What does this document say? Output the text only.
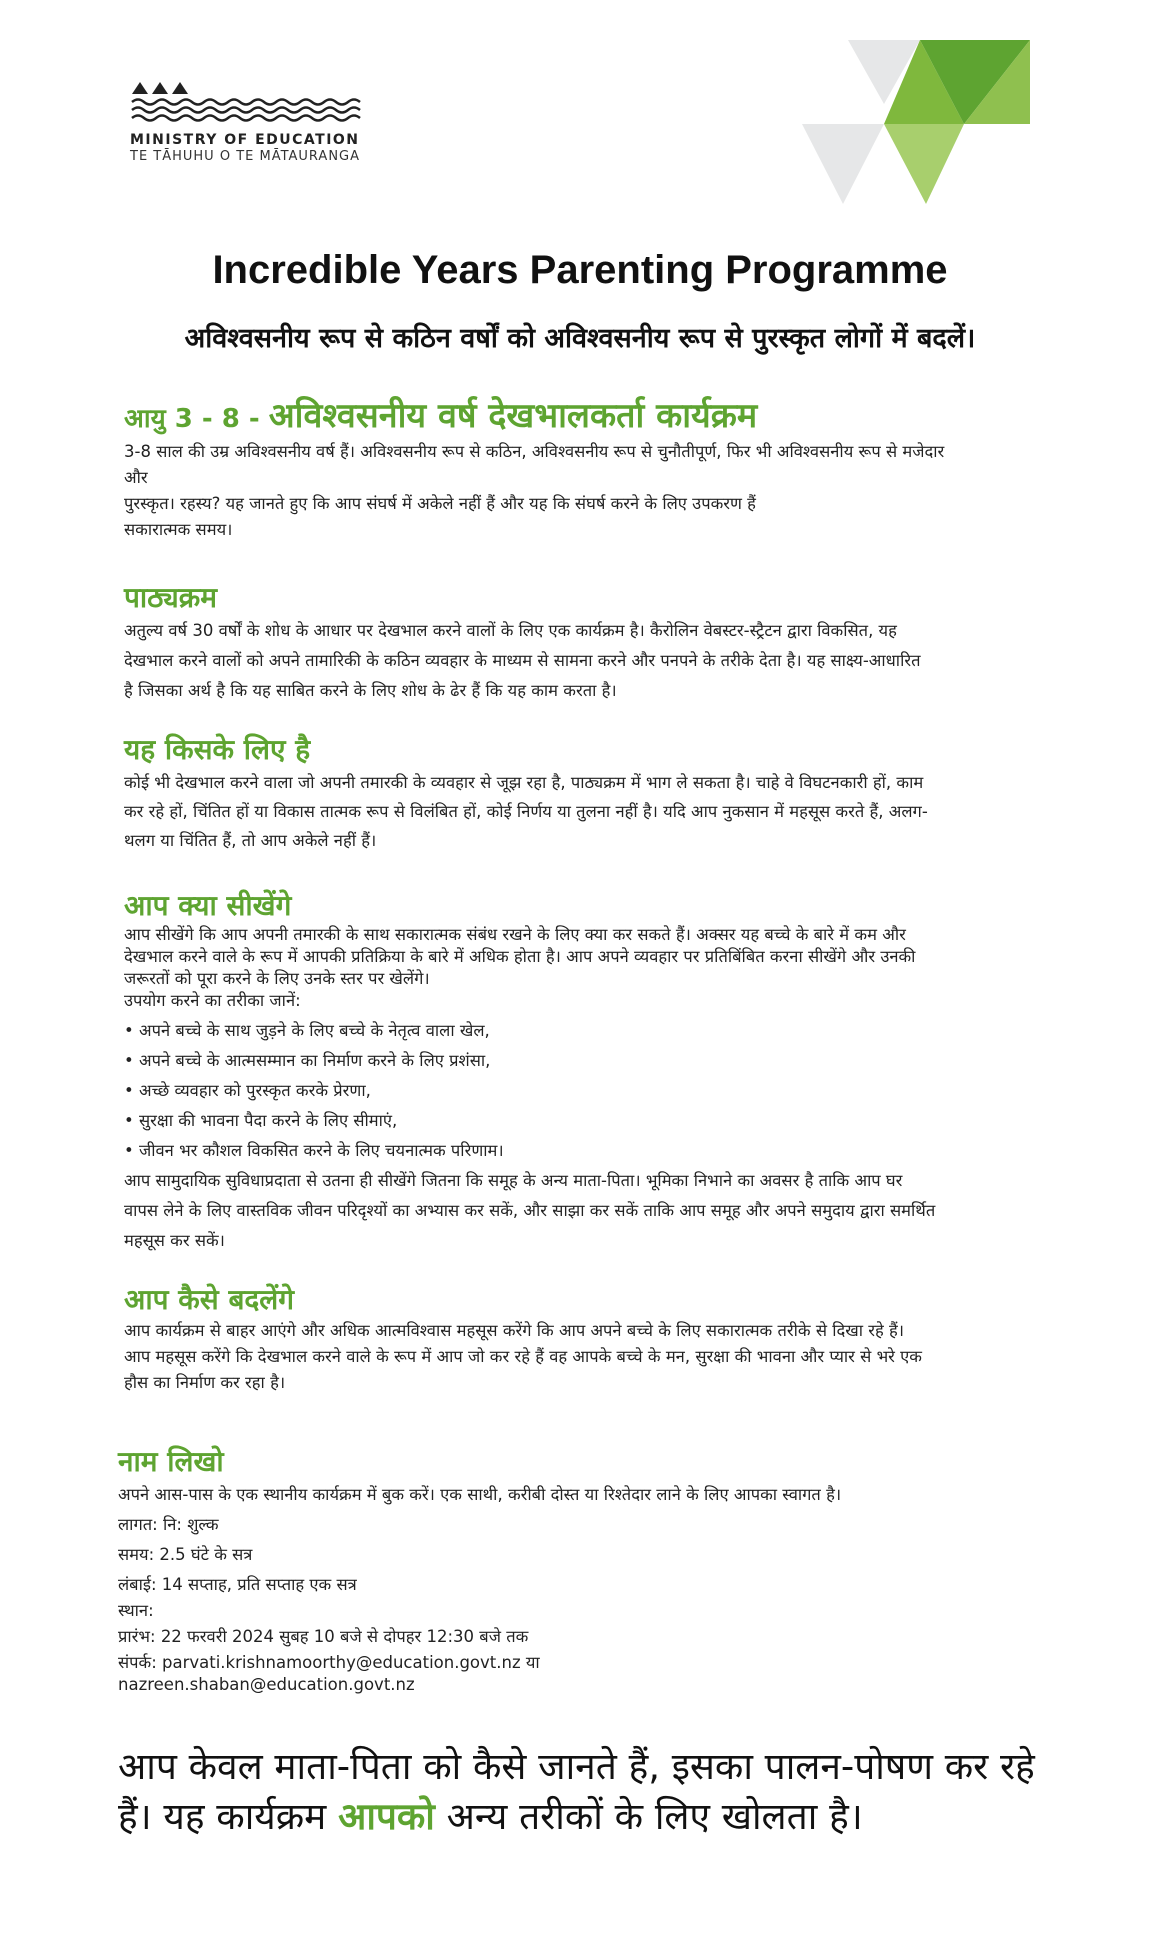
MINISTRY OF EDUCATION
TE TĀHUHU O TE MĀTAURANGA
Incredible Years Parenting Programme
अविश्वसनीय रूप से कठिन वर्षों को अविश्वसनीय रूप से पुरस्कृत लोगों में बदलें।
आयु 3 - 8 - अविश्वसनीय वर्ष देखभालकर्ता कार्यक्रम

3-8 साल की उम्र अविश्वसनीय वर्ष हैं। अविश्वसनीय रूप से कठिन, अविश्वसनीय रूप से चुनौतीपूर्ण, फिर भी अविश्वसनीय रूप से मजेदार

और

पुरस्कृत। रहस्य? यह जानते हुए कि आप संघर्ष में अकेले नहीं हैं और यह कि संघर्ष करने के लिए उपकरण हैं

सकारात्मक समय।

पाठ्यक्रम

अतुल्य वर्ष 30 वर्षों के शोध के आधार पर देखभाल करने वालों के लिए एक कार्यक्रम है। कैरोलिन वेबस्टर-स्ट्रैटन द्वारा विकसित, यह

देखभाल करने वालों को अपने तामारिकी के कठिन व्यवहार के माध्यम से सामना करने और पनपने के तरीके देता है। यह साक्ष्य-आधारित

है जिसका अर्थ है कि यह साबित करने के लिए शोध के ढेर हैं कि यह काम करता है।

यह किसके लिए है

कोई भी देखभाल करने वाला जो अपनी तमारकी के व्यवहार से जूझ रहा है, पाठ्यक्रम में भाग ले सकता है। चाहे वे विघटनकारी हों, काम

कर रहे हों, चिंतित हों या विकास तात्मक रूप से विलंबित हों, कोई निर्णय या तुलना नहीं है। यदि आप नुकसान में महसूस करते हैं, अलग-

थलग या चिंतित हैं, तो आप अकेले नहीं हैं।

आप क्या सीखेंगे

आप सीखेंगे कि आप अपनी तमारकी के साथ सकारात्मक संबंध रखने के लिए क्या कर सकते हैं। अक्सर यह बच्चे के बारे में कम और

देखभाल करने वाले के रूप में आपकी प्रतिक्रिया के बारे में अधिक होता है। आप अपने व्यवहार पर प्रतिबिंबित करना सीखेंगे और उनकी

जरूरतों को पूरा करने के लिए उनके स्तर पर खेलेंगे।

उपयोग करने का तरीका जानें:

• अपने बच्चे के साथ जुड़ने के लिए बच्चे के नेतृत्व वाला खेल,

• अपने बच्चे के आत्मसम्मान का निर्माण करने के लिए प्रशंसा,

• अच्छे व्यवहार को पुरस्कृत करके प्रेरणा,

• सुरक्षा की भावना पैदा करने के लिए सीमाएं,

• जीवन भर कौशल विकसित करने के लिए चयनात्मक परिणाम।

आप सामुदायिक सुविधाप्रदाता से उतना ही सीखेंगे जितना कि समूह के अन्य माता-पिता। भूमिका निभाने का अवसर है ताकि आप घर

वापस लेने के लिए वास्तविक जीवन परिदृश्यों का अभ्यास कर सकें, और साझा कर सकें ताकि आप समूह और अपने समुदाय द्वारा समर्थित

महसूस कर सकें।

आप कैसे बदलेंगे

आप कार्यक्रम से बाहर आएंगे और अधिक आत्मविश्वास महसूस करेंगे कि आप अपने बच्चे के लिए सकारात्मक तरीके से दिखा रहे हैं।

आप महसूस करेंगे कि देखभाल करने वाले के रूप में आप जो कर रहे हैं वह आपके बच्चे के मन, सुरक्षा की भावना और प्यार से भरे एक

हौस का निर्माण कर रहा है।

नाम लिखो

अपने आस-पास के एक स्थानीय कार्यक्रम में बुक करें। एक साथी, करीबी दोस्त या रिश्तेदार लाने के लिए आपका स्वागत है।

लागत: नि: शुल्क

समय: 2.5 घंटे के सत्र

लंबाई: 14 सप्ताह, प्रति सप्ताह एक सत्र

स्थान:

प्रारंभ: 22 फरवरी 2024 सुबह 10 बजे से दोपहर 12:30 बजे तक

संपर्क: parvati.krishnamoorthy@education.govt.nz या

nazreen.shaban@education.govt.nz

आप केवल माता-पिता को कैसे जानते हैं, इसका पालन-पोषण कर रहे हैं। यह कार्यक्रम आपको अन्य तरीकों के लिए खोलता है।
